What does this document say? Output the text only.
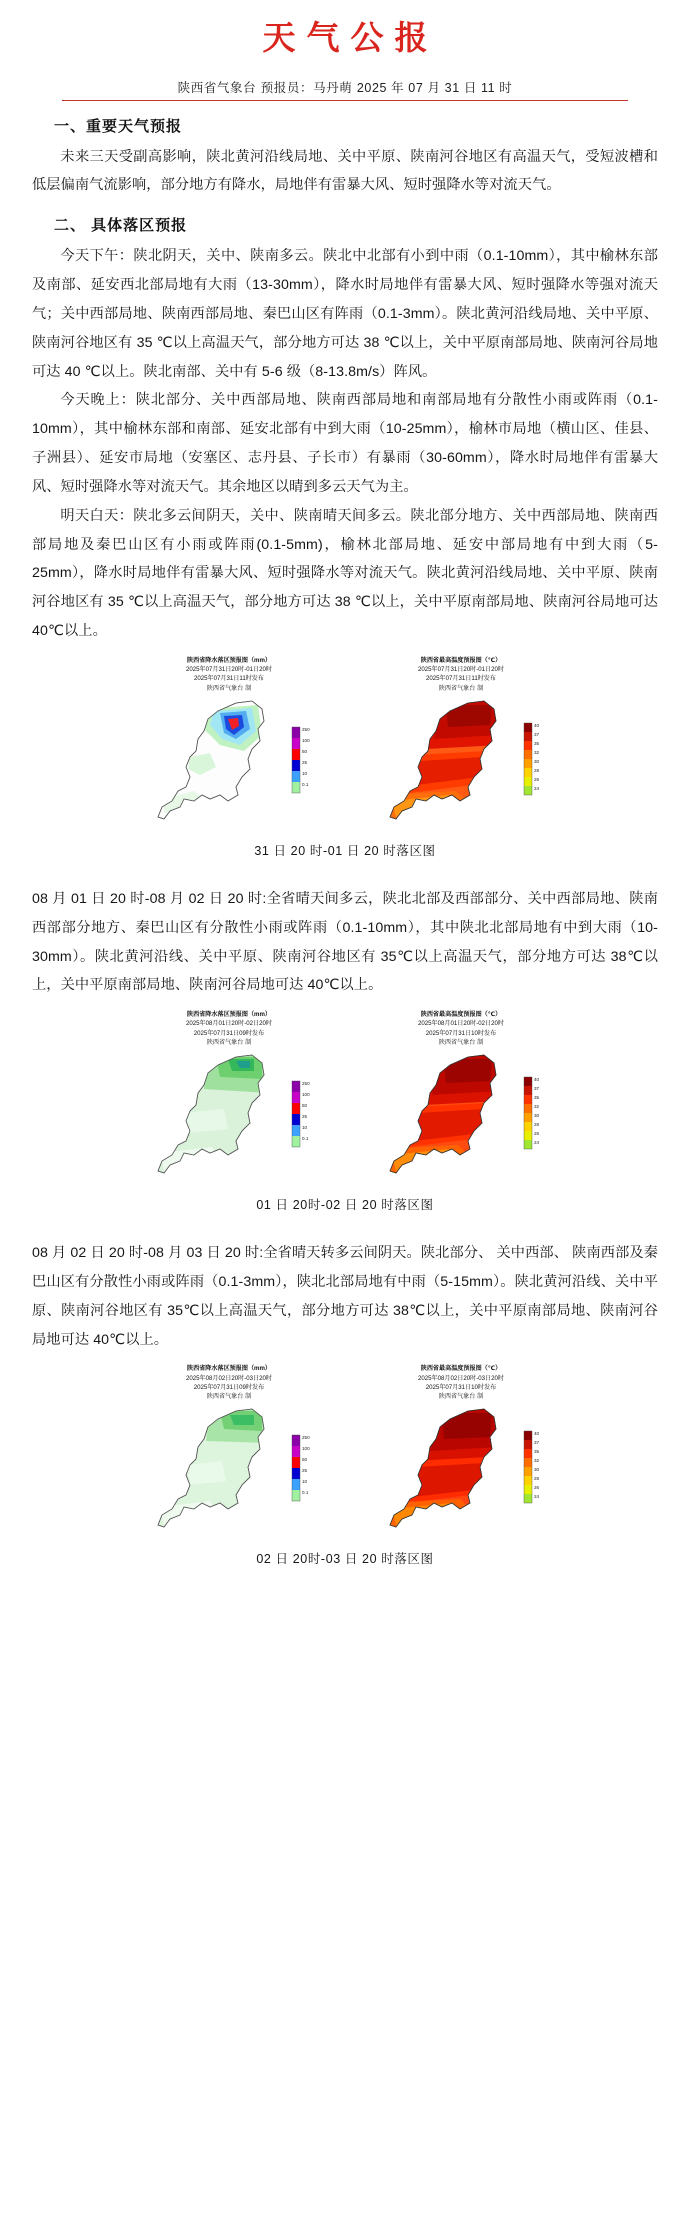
天气公报
陕西省气象台 预报员：马丹萌 2025 年 07 月 31 日 11 时
一、重要天气预报

未来三天受副高影响，陕北黄河沿线局地、关中平原、陕南河谷地区有高温天气，受短波槽和低层偏南气流影响，部分地方有降水，局地伴有雷暴大风、短时强降水等对流天气。

二、 具体落区预报

今天下午：陕北阴天，关中、陕南多云。陕北中北部有小到中雨（0.1-10mm），其中榆林东部及南部、延安西北部局地有大雨（13-30mm），降水时局地伴有雷暴大风、短时强降水等强对流天气；关中西部局地、陕南西部局地、秦巴山区有阵雨（0.1-3mm）。陕北黄河沿线局地、关中平原、陕南河谷地区有 35 ℃以上高温天气，部分地方可达 38 ℃以上，关中平原南部局地、陕南河谷局地可达 40 ℃以上。陕北南部、关中有 5-6 级（8-13.8m/s）阵风。

今天晚上：陕北部分、关中西部局地、陕南西部局地和南部局地有分散性小雨或阵雨（0.1-10mm），其中榆林东部和南部、延安北部有中到大雨（10-25mm），榆林市局地（横山区、佳县、子洲县）、延安市局地（安塞区、志丹县、子长市）有暴雨（30-60mm），降水时局地伴有雷暴大风、短时强降水等对流天气。其余地区以晴到多云天气为主。

明天白天：陕北多云间阴天，关中、陕南晴天间多云。陕北部分地方、关中西部局地、陕南西部局地及秦巴山区有小雨或阵雨(0.1-5mm)，榆林北部局地、延安中部局地有中到大雨（5-25mm），降水时局地伴有雷暴大风、短时强降水等对流天气。陕北黄河沿线局地、关中平原、陕南河谷地区有 35 ℃以上高温天气，部分地方可达 38 ℃以上，关中平原南部局地、陕南河谷局地可达 40℃以上。

陕西省降水落区预报图（mm）
2025年07月31日20时-01日20时
2025年07月31日11时发布
陕西省气象台 制
250
100
50
25
10
0.1
陕西省最高温度预报图（℃）
2025年07月31日20时-01日20时
2025年07月31日11时发布
陕西省气象台 制
40
37
35
32
30
28
26
24
31 日 20 时-01 日 20 时落区图

08 月 01 日 20 时-08 月 02 日 20 时:全省晴天间多云，陕北北部及西部部分、关中西部局地、陕南西部部分地方、秦巴山区有分散性小雨或阵雨（0.1-10mm），其中陕北北部局地有中到大雨（10-30mm）。陕北黄河沿线、关中平原、陕南河谷地区有 35℃以上高温天气，部分地方可达 38℃以上，关中平原南部局地、陕南河谷局地可达 40℃以上。

陕西省降水落区预报图（mm）
2025年08月01日20时-02日20时
2025年07月31日09时发布
陕西省气象台 制
250
100
50
25
10
0.1
陕西省最高温度预报图（℃）
2025年08月01日20时-02日20时
2025年07月31日10时发布
陕西省气象台 制
40
37
35
32
30
28
26
24
01 日 20时-02 日 20 时落区图

08 月 02 日 20 时-08 月 03 日 20 时:全省晴天转多云间阴天。陕北部分、 关中西部、 陕南西部及秦巴山区有分散性小雨或阵雨（0.1-3mm），陕北北部局地有中雨（5-15mm）。陕北黄河沿线、关中平原、陕南河谷地区有 35℃以上高温天气，部分地方可达 38℃以上，关中平原南部局地、陕南河谷局地可达 40℃以上。

陕西省降水落区预报图（mm）
2025年08月02日20时-03日20时
2025年07月31日09时发布
陕西省气象台 制
250
100
50
25
10
0.1
陕西省最高温度预报图（℃）
2025年08月02日20时-03日20时
2025年07月31日10时发布
陕西省气象台 制
40
37
35
32
30
28
26
24
02 日 20时-03 日 20 时落区图
